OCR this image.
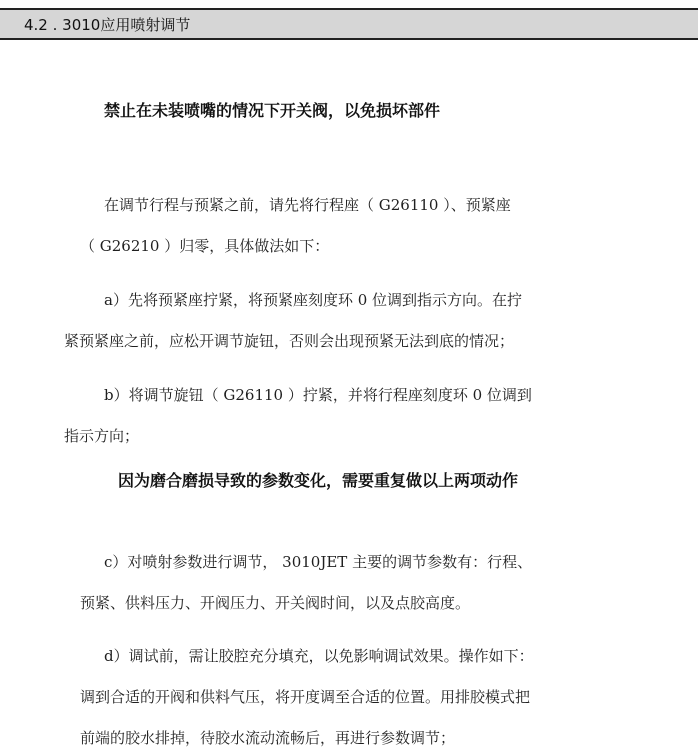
4.2 . 3010应用喷射调节
禁止在未装喷嘴的情况下开关阀，以免损坏部件
在调节行程与预紧之前，请先将行程座（ G26110 ）、预紧座
（ G26210 ）归零，具体做法如下：
a）先将预紧座拧紧，将预紧座刻度环 0 位调到指示方向。在拧
紧预紧座之前，应松开调节旋钮，否则会出现预紧无法到底的情况；
b）将调节旋钮（ G26110 ）拧紧，并将行程座刻度环 0 位调到
指示方向；
因为磨合磨损导致的参数变化，需要重复做以上两项动作
c）对喷射参数进行调节， 3010JET 主要的调节参数有：行程、
预紧、供料压力、开阀压力、开关阀时间，以及点胶高度。
d）调试前，需让胶腔充分填充，以免影响调试效果。操作如下：
调到合适的开阀和供料气压，将开度调至合适的位置。用排胶模式把
前端的胶水排掉，待胶水流动流畅后，再进行参数调节；
